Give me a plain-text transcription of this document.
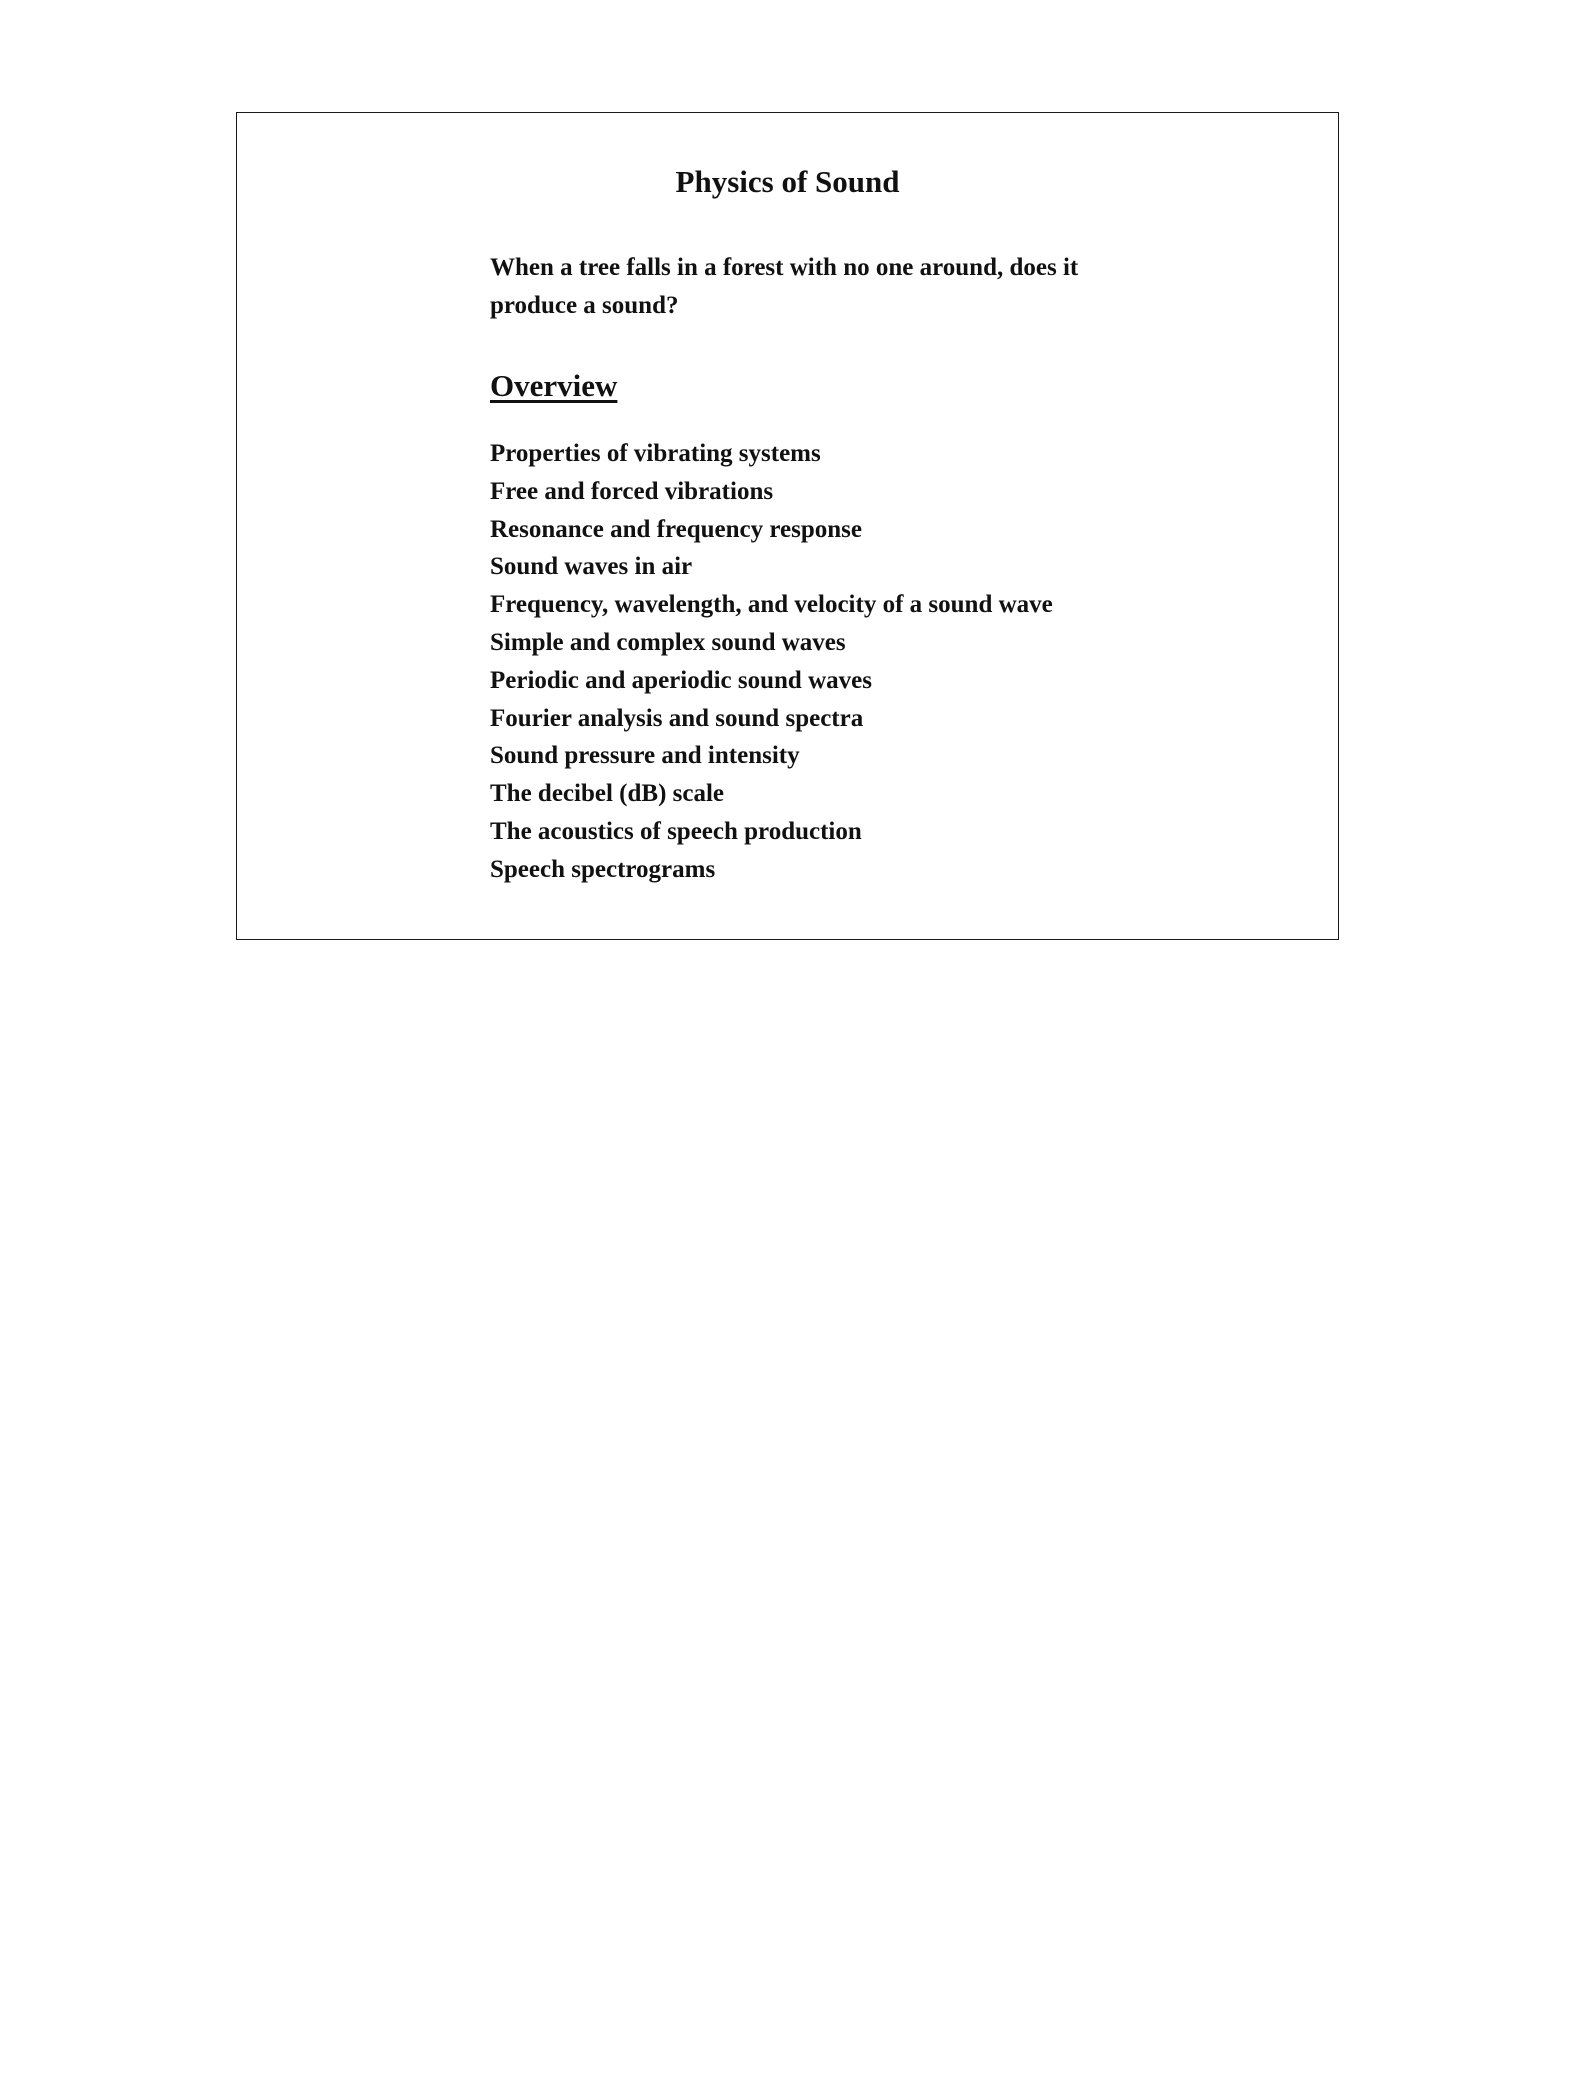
Physics of Sound

When a tree falls in a forest with no one around, does it produce a sound?

Overview
Properties of vibrating systems
Free and forced vibrations
Resonance and frequency response
Sound waves in air
Frequency, wavelength, and velocity of a sound wave
Simple and complex sound waves
Periodic and aperiodic sound waves
Fourier analysis and sound spectra
Sound pressure and intensity
The decibel (dB) scale
The acoustics of speech production
Speech spectrograms
